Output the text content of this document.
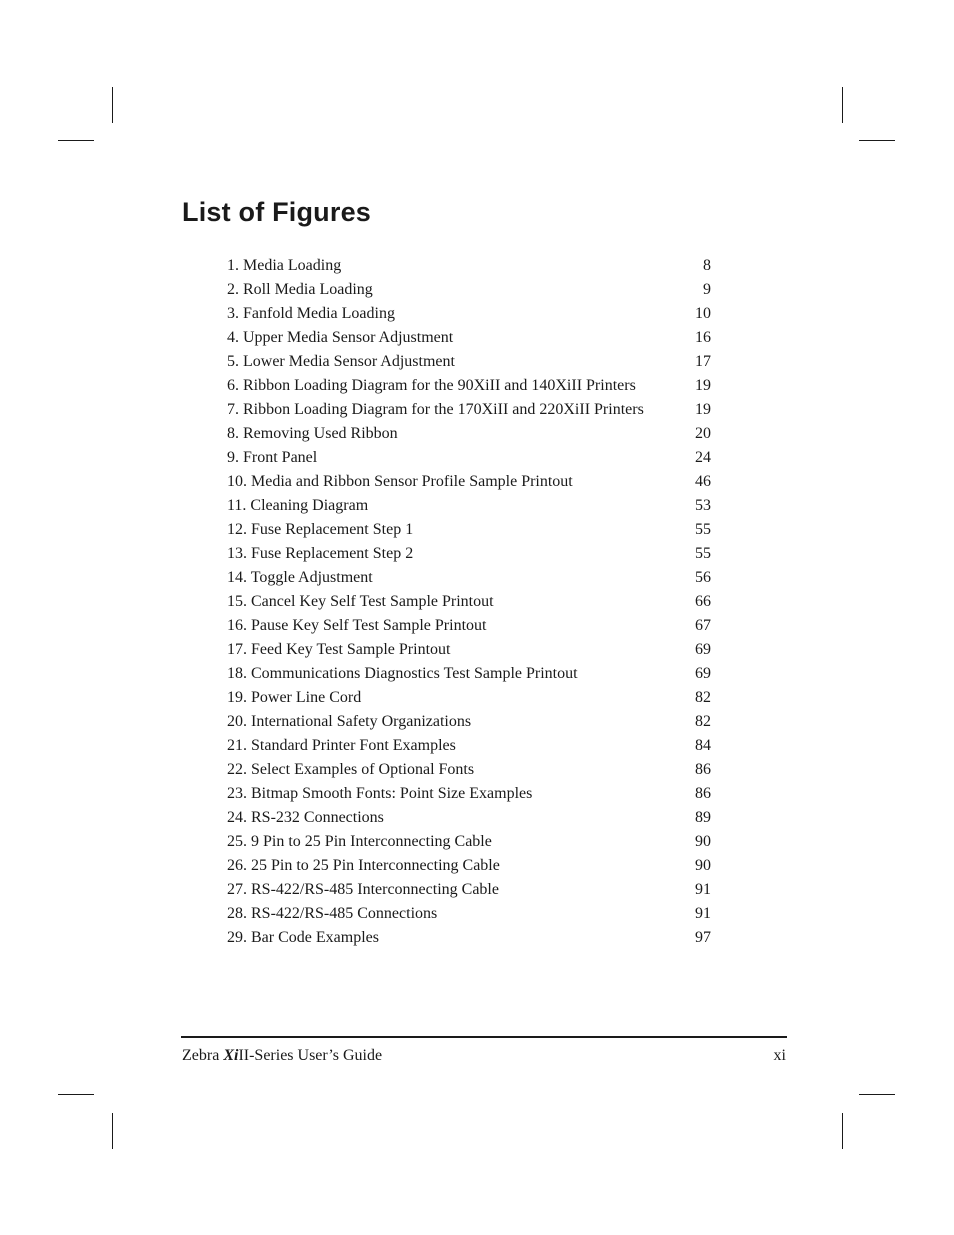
List of Figures
1. Media Loading	8
2. Roll Media Loading	9
3. Fanfold Media Loading	10
4. Upper Media Sensor Adjustment	16
5. Lower Media Sensor Adjustment	17
6. Ribbon Loading Diagram for the 90XiII and 140XiII Printers	19
7. Ribbon Loading Diagram for the 170XiII and 220XiII Printers	19
8. Removing Used Ribbon	20
9. Front Panel	24
10. Media and Ribbon Sensor Profile Sample Printout	46
11. Cleaning Diagram	53
12. Fuse Replacement Step 1	55
13. Fuse Replacement Step 2	55
14. Toggle Adjustment	56
15. Cancel Key Self Test Sample Printout	66
16. Pause Key Self Test Sample Printout	67
17. Feed Key Test Sample Printout	69
18. Communications Diagnostics Test Sample Printout	69
19. Power Line Cord	82
20. International Safety Organizations	82
21. Standard Printer Font Examples	84
22. Select Examples of Optional Fonts	86
23. Bitmap Smooth Fonts: Point Size Examples	86
24. RS-232 Connections	89
25. 9 Pin to 25 Pin Interconnecting Cable	90
26. 25 Pin to 25 Pin Interconnecting Cable	90
27. RS-422/RS-485 Interconnecting Cable	91
28. RS-422/RS-485 Connections	91
29. Bar Code Examples	97
Zebra XiII-Series User’s Guide	xi
